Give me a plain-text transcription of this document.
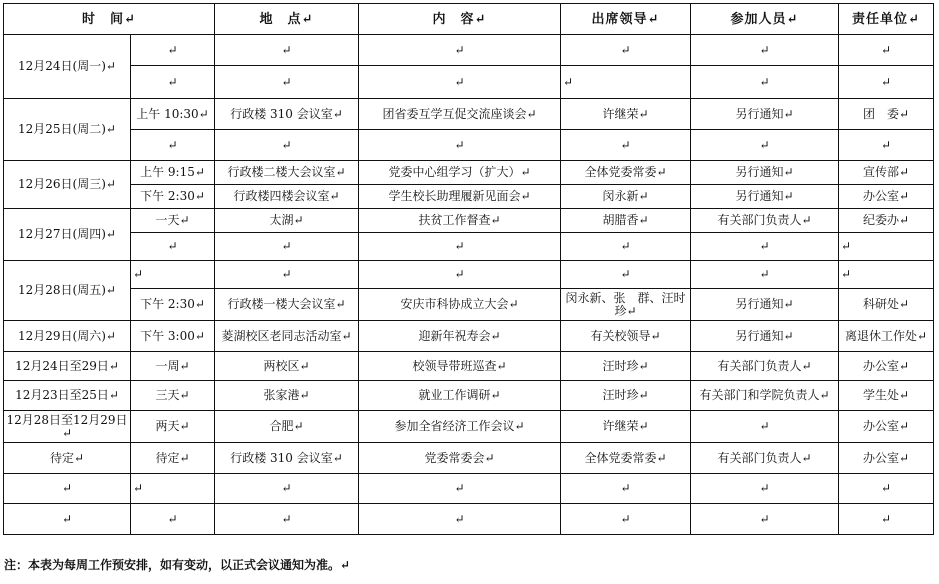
时　间↵		地　点↵	内　容↵	出席领导↵	参加人员↵	责任单位↵
12月24日(周一)↵	↵	↵	↵	↵	↵	↵
	↵	↵	↵	↵	↵	↵
12月25日(周二)↵	上午 10:30↵	行政楼 310 会议室↵	团省委互学互促交流座谈会↵	许继荣↵	另行通知↵	团　委↵
	↵	↵	↵	↵	↵	↵
12月26日(周三)↵	上午 9:15↵	行政楼二楼大会议室↵	党委中心组学习（扩大）↵	全体党委常委↵	另行通知↵	宣传部↵
	下午 2:30↵	行政楼四楼会议室↵	学生校长助理履新见面会↵	闵永新↵	另行通知↵	办公室↵
12月27日(周四)↵	一天↵	太湖↵	扶贫工作督查↵	胡腊香↵	有关部门负责人↵	纪委办↵
	↵	↵	↵	↵	↵	↵
12月28日(周五)↵	↵	↵	↵	↵	↵	↵
	下午 2:30↵	行政楼一楼大会议室↵	安庆市科协成立大会↵	闵永新、张　群、汪时珍↵	另行通知↵	科研处↵
12月29日(周六)↵	下午 3:00↵	菱湖校区老同志活动室↵	迎新年祝寿会↵	有关校领导↵	另行通知↵	离退休工作处↵
12月24日至29日↵	一周↵	两校区↵	校领导带班巡查↵	汪时珍↵	有关部门负责人↵	办公室↵
12月23日至25日↵	三天↵	张家港↵	就业工作调研↵	汪时珍↵	有关部门和学院负责人↵	学生处↵
12月28日至12月29日↵	两天↵	合肥↵	参加全省经济工作会议↵	许继荣↵	↵	办公室↵
待定↵	待定↵	行政楼 310 会议室↵	党委常委会↵	全体党委常委↵	有关部门负责人↵	办公室↵
↵	↵	↵	↵	↵	↵	↵
↵	↵	↵	↵	↵	↵	↵
注：本表为每周工作预安排，如有变动，以正式会议通知为准。↵
